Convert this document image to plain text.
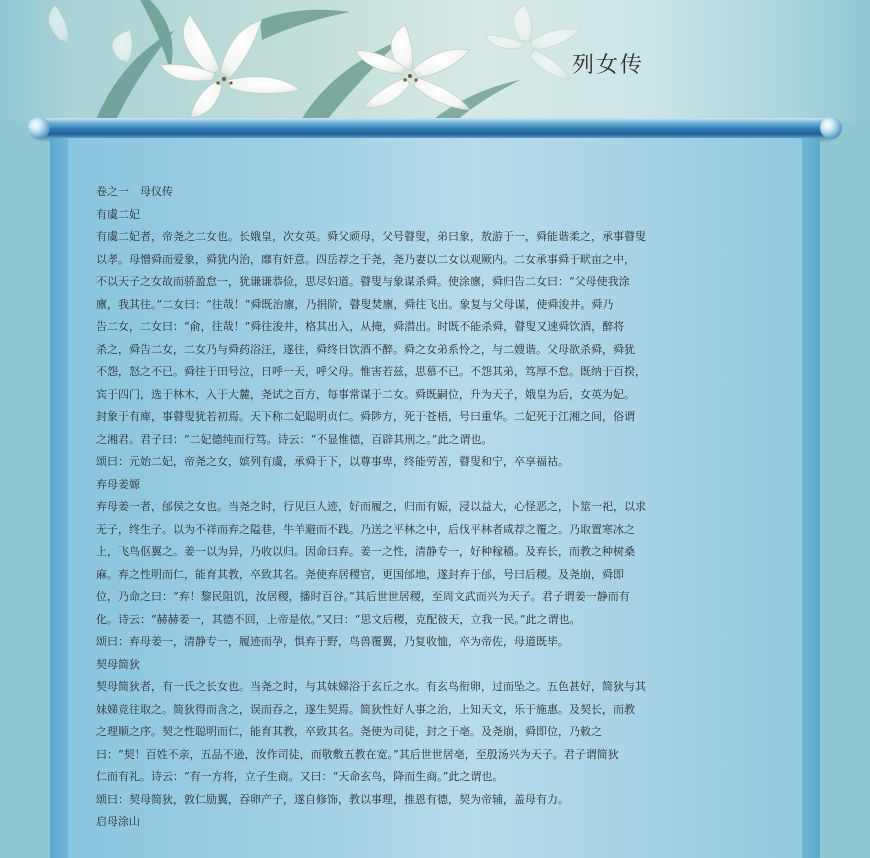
列女传
卷之一　母仪传
有虞二妃
有虞二妃者，帝尧之二女也。长娥皇，次女英。舜父顽母，父号瞽叟，弟曰象，敖游于一，舜能谐柔之，承事瞽叟
以孝。母憎舜而爱象，舜犹内治，靡有奸意。四岳荐之于尧，尧乃妻以二女以观厥内。二女承事舜于畎亩之中，
不以天子之女故而骄盈怠一，犹谦谦恭俭，思尽妇道。瞽叟与象谋杀舜。使涂廪，舜归告二女曰：“父母使我涂
廪，我其往。”二女曰：“往哉！”舜既治廪，乃捐阶，瞽叟焚廪，舜往飞出。象复与父母谋，使舜浚井。舜乃
告二女，二女曰：“俞，往哉！”舜往浚井，格其出入，从掩，舜潜出。时既不能杀舜，瞽叟又速舜饮酒，醉将
杀之，舜告二女，二女乃与舜药浴汪，遂往，舜终日饮酒不醉。舜之女弟系怜之，与二嫂谐。父母欲杀舜，舜犹
不怨，怒之不已。舜往于田号泣，日呼一天，呼父母。惟害若兹，思慕不已。不怨其弟，笃厚不怠。既纳于百揆，
宾于四门，选于林木，入于大麓，尧试之百方，每事常谋于二女。舜既嗣位，升为天子，娥皇为后，女英为妃。
封象于有庳，事瞽叟犹若初焉。天下称二妃聪明贞仁。舜陟方，死于苍梧，号曰重华。二妃死于江湘之间，俗谓
之湘君。君子曰：“二妃德纯而行笃。诗云：“不显惟德，百辟其刑之。”此之谓也。
颂曰：元始二妃，帝尧之女，嫔列有虞，承舜于下，以尊事卑，终能劳苦，瞽叟和宁，卒享福祜。
弃母姜嫄
弃母姜一者，邰侯之女也。当尧之时，行见巨人迹，好而履之，归而有娠，浸以益大，心怪恶之，卜筮一祀，以求
无子，终生子。以为不祥而弃之隘巷，牛羊避而不践。乃送之平林之中，后伐平林者咸荐之覆之。乃取置寒冰之
上，飞鸟伛翼之。姜一以为异，乃收以归。因命曰弃。姜一之性，清静专一，好种稼穑。及弃长，而教之种树桑
麻。弃之性明而仁，能育其教，卒致其名。尧使弃居稷官，更国邰地，遂封弃于邰，号曰后稷。及尧崩，舜即
位，乃命之曰：“弃！黎民阻饥，汝居稷，播时百谷。”其后世世居稷，至周文武而兴为天子。君子谓姜一静而有
化。诗云：“赫赫姜一，其德不回，上帝是依。”又曰：“思文后稷，克配彼天，立我一民。”此之谓也。
颂曰：弃母姜一，清静专一，履迹而孕，惧弃于野，鸟兽覆翼，乃复收恤，卒为帝佐，母道既毕。
契母简狄
契母简狄者，有一氏之长女也。当尧之时，与其妹娣浴于玄丘之水。有玄鸟衔卵，过而坠之。五色甚好，简狄与其
妹娣竞往取之。简狄得而含之，误而吞之，遂生契焉。简狄性好人事之治，上知天文，乐于施惠。及契长，而教
之理顺之序。契之性聪明而仁，能育其教，卒致其名。尧使为司徒，封之于亳。及尧崩，舜即位，乃敕之
曰：“契！百姓不亲，五品不逊，汝作司徒，而敬敷五教在宽。”其后世世居亳，至殷汤兴为天子。君子谓简狄
仁而有礼。诗云：“有一方将，立子生商。又曰：“天命玄鸟，降而生商。”此之谓也。
颂曰：契母简狄，敦仁励翼，吞卵产子，遂自修饰，教以事理，推恩有德，契为帝辅，盖母有力。
启母涂山
